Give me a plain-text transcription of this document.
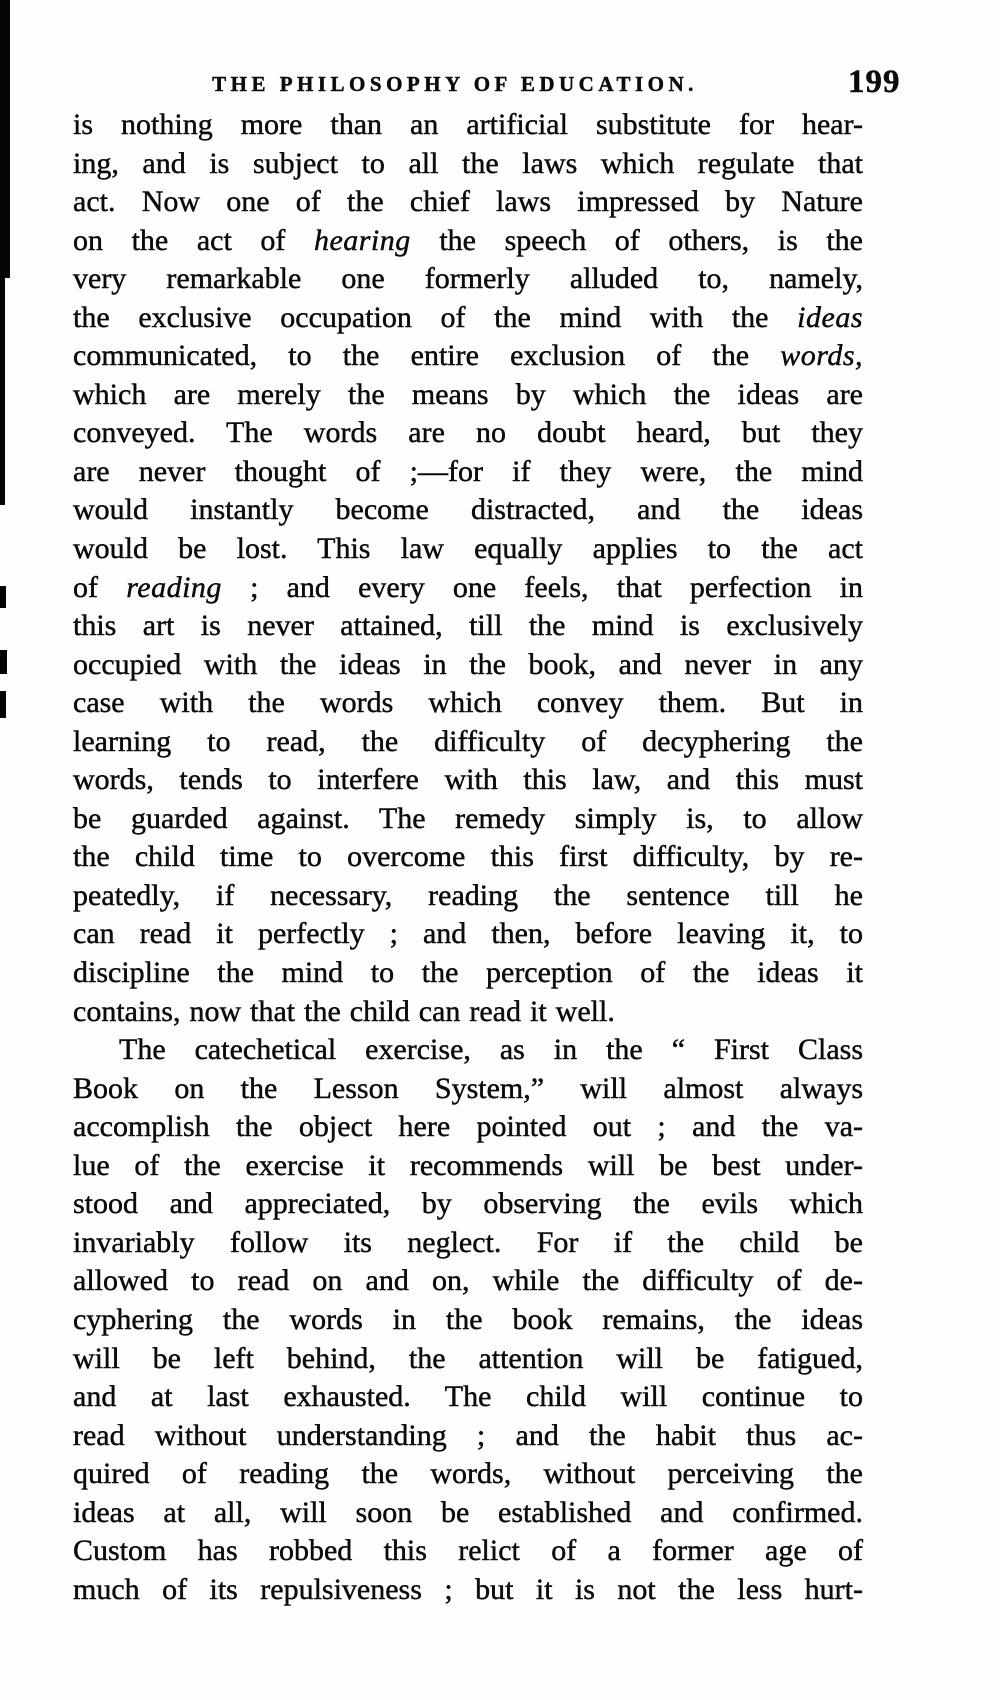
THE PHILOSOPHY OF EDUCATION.	199
is nothing more than an artificial substitute for hear-
ing, and is subject to all the laws which regulate that
act. Now one of the chief laws impressed by Nature
on the act of hearing the speech of others, is the
very remarkable one formerly alluded to, namely,
the exclusive occupation of the mind with the ideas
communicated, to the entire exclusion of the words,
which are merely the means by which the ideas are
conveyed. The words are no doubt heard, but they
are never thought of ;—for if they were, the mind
would instantly become distracted, and the ideas
would be lost. This law equally applies to the act
of reading ; and every one feels, that perfection in
this art is never attained, till the mind is exclusively
occupied with the ideas in the book, and never in any
case with the words which convey them. But in
learning to read, the difficulty of decyphering the
words, tends to interfere with this law, and this must
be guarded against. The remedy simply is, to allow
the child time to overcome this first difficulty, by re-
peatedly, if necessary, reading the sentence till he
can read it perfectly ; and then, before leaving it, to
discipline the mind to the perception of the ideas it
contains, now that the child can read it well.
The catechetical exercise, as in the “ First Class
Book on the Lesson System,” will almost always
accomplish the object here pointed out ; and the va-
lue of the exercise it recommends will be best under-
stood and appreciated, by observing the evils which
invariably follow its neglect. For if the child be
allowed to read on and on, while the difficulty of de-
cyphering the words in the book remains, the ideas
will be left behind, the attention will be fatigued,
and at last exhausted. The child will continue to
read without understanding ; and the habit thus ac-
quired of reading the words, without perceiving the
ideas at all, will soon be established and confirmed.
Custom has robbed this relict of a former age of
much of its repulsiveness ; but it is not the less hurt-
